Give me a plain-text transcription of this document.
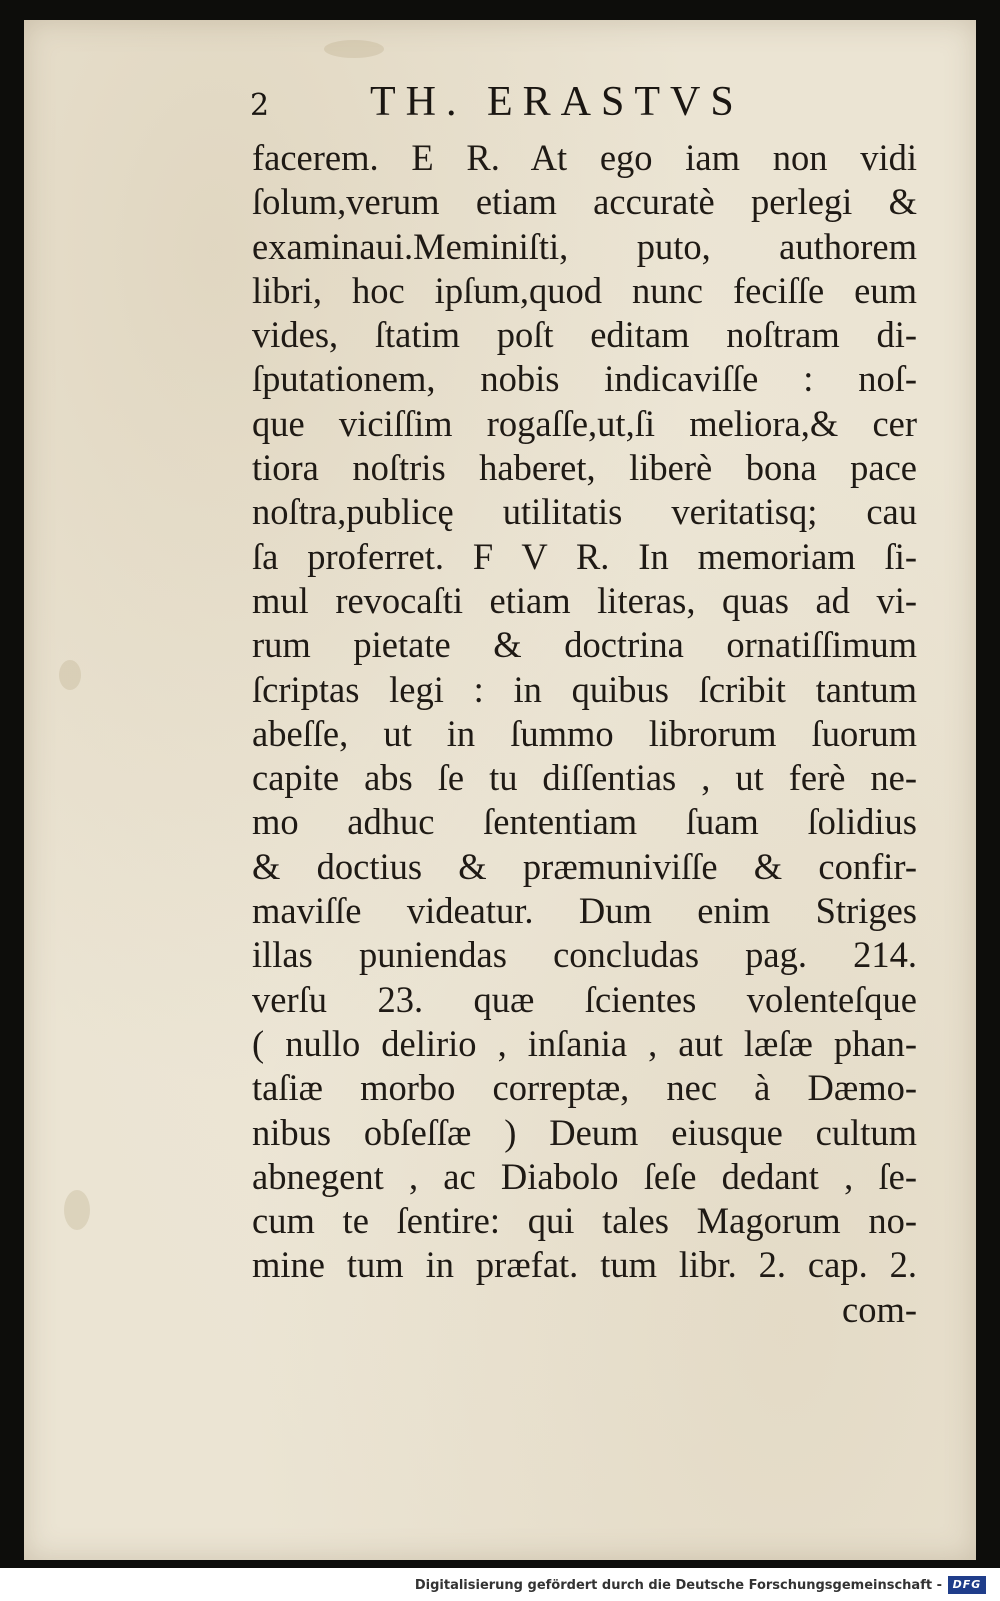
2 TH. ERASTVS
facerem. E R. At ego iam non vidi
ſolum,verum etiam accuratè perlegi &
examinaui.Meminiſti, puto, authorem
libri, hoc ipſum,quod nunc feciſſe eum
vides, ſtatim poſt editam noſtram di-
ſputationem, nobis indicaviſſe : noſ-
que viciſſim rogaſſe,ut,ſi meliora,& cer
tiora noſtris haberet, liberè bona pace
noſtra,publicę utilitatis veritatisq; cau
ſa proferret. F V R. In memoriam ſi-
mul revocaſti etiam literas, quas ad vi-
rum pietate & doctrina ornatiſſimum
ſcriptas legi : in quibus ſcribit tantum
abeſſe, ut in ſummo librorum ſuorum
capite abs ſe tu diſſentias , ut ferè ne-
mo adhuc ſententiam ſuam ſolidius
& doctius & præmuniviſſe & confir-
maviſſe videatur. Dum enim Striges
illas puniendas concludas pag. 214.
verſu 23. quæ ſcientes volenteſque
( nullo delirio , inſania , aut læſæ phan-
taſiæ morbo correptæ, nec à Dæmo-
nibus obſeſſæ ) Deum eiusque cultum
abnegent , ac Diabolo ſeſe dedant , ſe-
cum te ſentire: qui tales Magorum no-
mine tum in præfat. tum libr. 2. cap. 2.
com-
Digitalisierung gefördert durch die Deutsche Forschungsgemeinschaft - DFG
